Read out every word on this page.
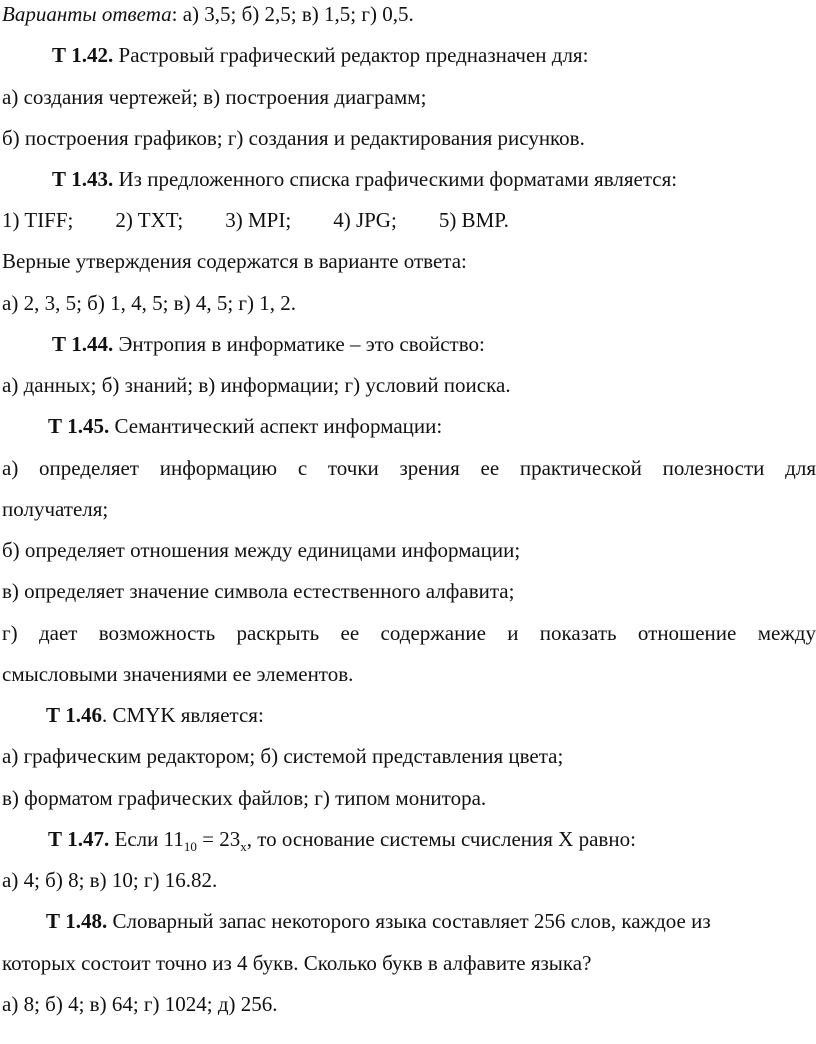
Варианты ответа: а) 3,5; б) 2,5; в) 1,5; г) 0,5.
Т 1.42. Растровый графический редактор предназначен для:
а) создания чертежей; в) построения диаграмм;
б) построения графиков; г) создания и редактирования рисунков.
Т 1.43. Из предложенного списка графическими форматами является:
1) TIFF; 2) TXT; 3) MPI; 4) JPG; 5) BMP.
Верные утверждения содержатся в варианте ответа:
а) 2, 3, 5; б) 1, 4, 5; в) 4, 5; г) 1, 2.
Т 1.44. Энтропия в информатике – это свойство:
а) данных; б) знаний; в) информации; г) условий поиска.
Т 1.45. Семантический аспект информации:
а) определяет информацию с точки зрения ее практической полезности для
получателя;
б) определяет отношения между единицами информации;
в) определяет значение символа естественного алфавита;
г) дает возможность раскрыть ее содержание и показать отношение между
смысловыми значениями ее элементов.
Т 1.46. CMYK является:
а) графическим редактором; б) системой представления цвета;
в) форматом графических файлов; г) типом монитора.
Т 1.47. Если $11_{10} = 23_x$, то основание системы счисления X равно:
а) 4; б) 8; в) 10; г) 16.82.
Т 1.48. Словарный запас некоторого языка составляет 256 слов, каждое из
которых состоит точно из 4 букв. Сколько букв в алфавите языка?
а) 8; б) 4; в) 64; г) 1024; д) 256.
